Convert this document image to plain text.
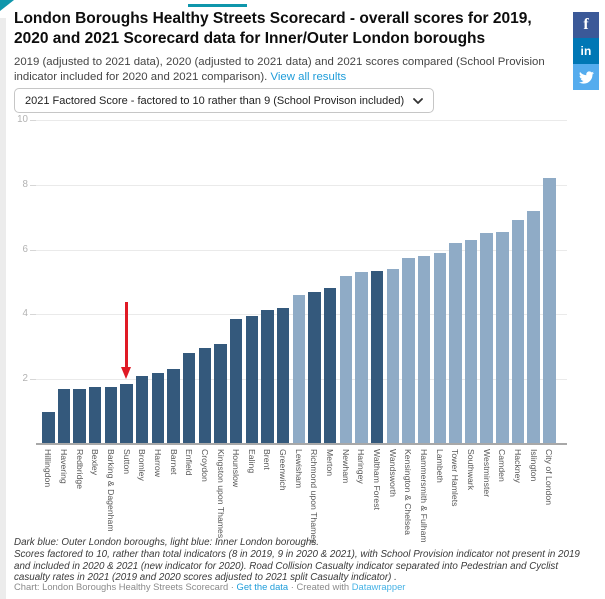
London Boroughs Healthy Streets Scorecard - overall scores for 2019, 2020 and 2021 Scorecard data for Inner/Outer London boroughs
2019 (adjusted to 2021 data), 2020 (adjusted to 2021 data) and 2021 scores compared (School Provision indicator included for 2020 and 2021 comparison). View all results
f
in
2021 Factored Score - factored to 10 rather than 9 (School Provison included)
2
4
6
8
10
Hillingdon Havering Redbridge Bexley Barking & Dagenham Sutton Bromley Harrow Barnet Enfield Croydon Kingston upon Thames Hounslow Ealing Brent Greenwich Lewisham Richmond upon Thames Merton Newham Haringey Waltham Forest Wandsworth Kensington & Chelsea Hammersmith & Fulham Lambeth Tower Hamlets Southwark Westminster Camden Hackney Islington City of London
Dark blue: Outer London boroughs, light blue: Inner London boroughs.
Scores factored to 10, rather than total indicators (8 in 2019, 9 in 2020 & 2021), with School Provision indicator not present in 2019 and included in 2020 & 2021 (new indicator for 2020). Road Collision Casualty indicator separated into Pedestrian and Cyclist casualty rates in 2021 (2019 and 2020 scores adjusted to 2021 split Casualty indicator) .
Chart: London Boroughs Healthy Streets Scorecard · Get the data · Created with Datawrapper
